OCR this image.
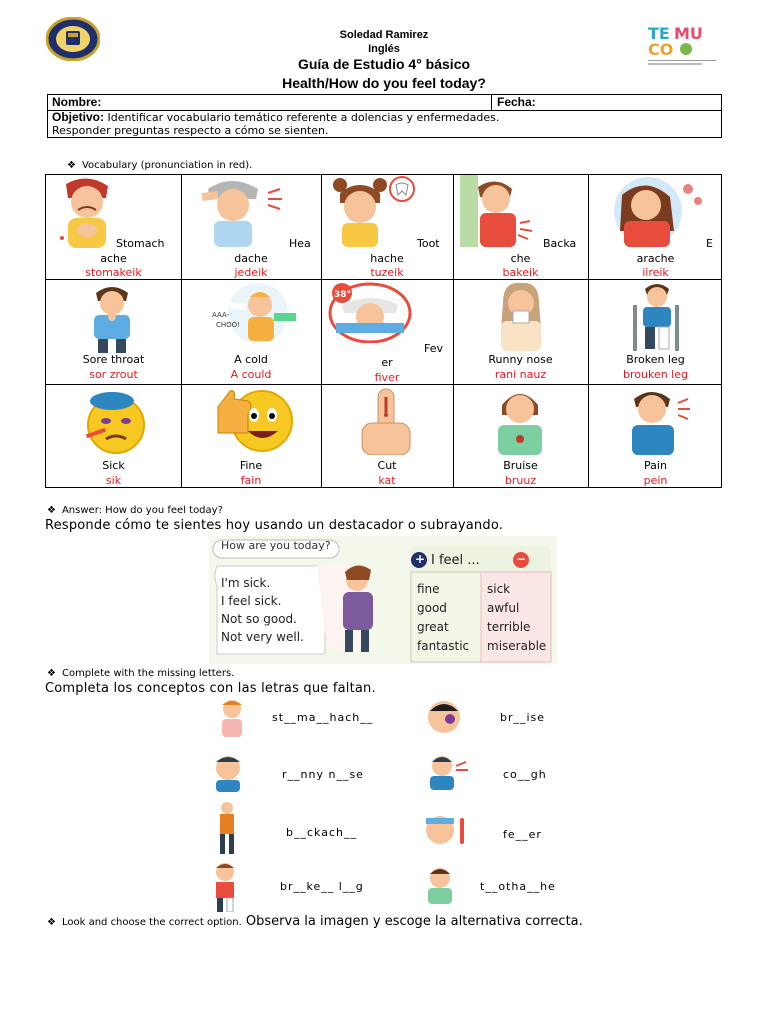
TE MU
CO
Soledad Ramirez
Inglés
Guía de Estudio 4° básico
Health/How do you feel today?
Nombre:	Fecha:
Objetivo: Identificar vocabulario temático referente a dolencias y enfermedades.
Responder preguntas respecto a cómo se sienten.
❖ Vocabulary (pronunciation in red).
Stomach
ache
stomakeik
Hea
dache
jedeik
Toot
hache
tuzeik
Backa
che
bakeik
E
arache
iireik
Sore throat
sor zrout
AAA-
CHOO!
A cold
A could
38°
Fev
er
fiver
Runny nose
rani nauz
Broken leg
brouken leg
Sick
sik
Fine
fain
Cut
kat
Bruise
bruuz
Pain
pein
❖ Answer: How do you feel today?
Responde cómo te sientes hoy usando un destacador o subrayando.
How are you today?
I'm sick.
I feel sick.
Not so good.
Not very well.
+	−
I feel ...
fine
good
great
fantastic
sick
awful
terrible
miserable
❖ Complete with the missing letters.
Completa los conceptos con las letras que faltan.
st__ma__hach__
r__nny n__se
b__ckach__
br__ke__ l__g
br__ise
co__gh
fe__er
t__otha__he
❖ Look and choose the correct option. Observa la imagen y escoge la alternativa correcta.
